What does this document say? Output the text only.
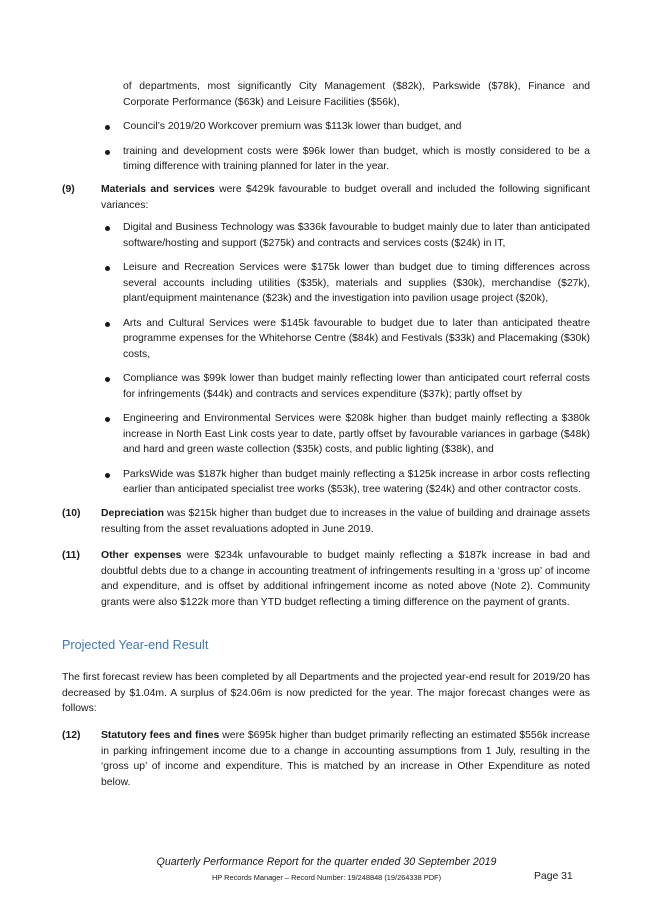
of departments, most significantly City Management ($82k), Parkswide ($78k), Finance and Corporate Performance ($63k) and Leisure Facilities ($56k),

Council’s 2019/20 Workcover premium was $113k lower than budget, and

training and development costs were $96k lower than budget, which is mostly considered to be a timing difference with training planned for later in the year.

(9)	Materials and services were $429k favourable to budget overall and included the following significant variances:

Digital and Business Technology was $336k favourable to budget mainly due to later than anticipated software/hosting and support ($275k) and contracts and services costs ($24k) in IT,

Leisure and Recreation Services were $175k lower than budget due to timing differences across several accounts including utilities ($35k), materials and supplies ($30k), merchandise ($27k), plant/equipment maintenance ($23k) and the investigation into pavilion usage project ($20k),

Arts and Cultural Services were $145k favourable to budget due to later than anticipated theatre programme expenses for the Whitehorse Centre ($84k) and Festivals ($33k) and Placemaking ($30k) costs,

Compliance was $99k lower than budget mainly reflecting lower than anticipated court referral costs for infringements ($44k) and contracts and services expenditure ($37k); partly offset by

Engineering and Environmental Services were $208k higher than budget mainly reflecting a $380k increase in North East Link costs year to date, partly offset by favourable variances in garbage ($48k) and hard and green waste collection ($35k) costs, and public lighting ($38k), and

ParksWide was $187k higher than budget mainly reflecting a $125k increase in arbor costs reflecting earlier than anticipated specialist tree works ($53k), tree watering ($24k) and other contractor costs.

(10) Depreciation was $215k higher than budget due to increases in the value of building and drainage assets resulting from the asset revaluations adopted in June 2019.

(11) Other expenses were $234k unfavourable to budget mainly reflecting a $187k increase in bad and doubtful debts due to a change in accounting treatment of infringements resulting in a ‘gross up’ of income and expenditure, and is offset by additional infringement income as noted above (Note 2). Community grants were also $122k more than YTD budget reflecting a timing difference on the payment of grants.

Projected Year-end Result

The first forecast review has been completed by all Departments and the projected year-end result for 2019/20 has decreased by $1.04m. A surplus of $24.06m is now predicted for the year. The major forecast changes were as follows:

(12) Statutory fees and fines were $695k higher than budget primarily reflecting an estimated $556k increase in parking infringement income due to a change in accounting assumptions from 1 July, resulting in the ‘gross up’ of income and expenditure. This is matched by an increase in Other Expenditure as noted below.

Quarterly Performance Report for the quarter ended 30 September 2019
HP Records Manager – Record Number: 19/248848 (19/264338 PDF)	Page 31
